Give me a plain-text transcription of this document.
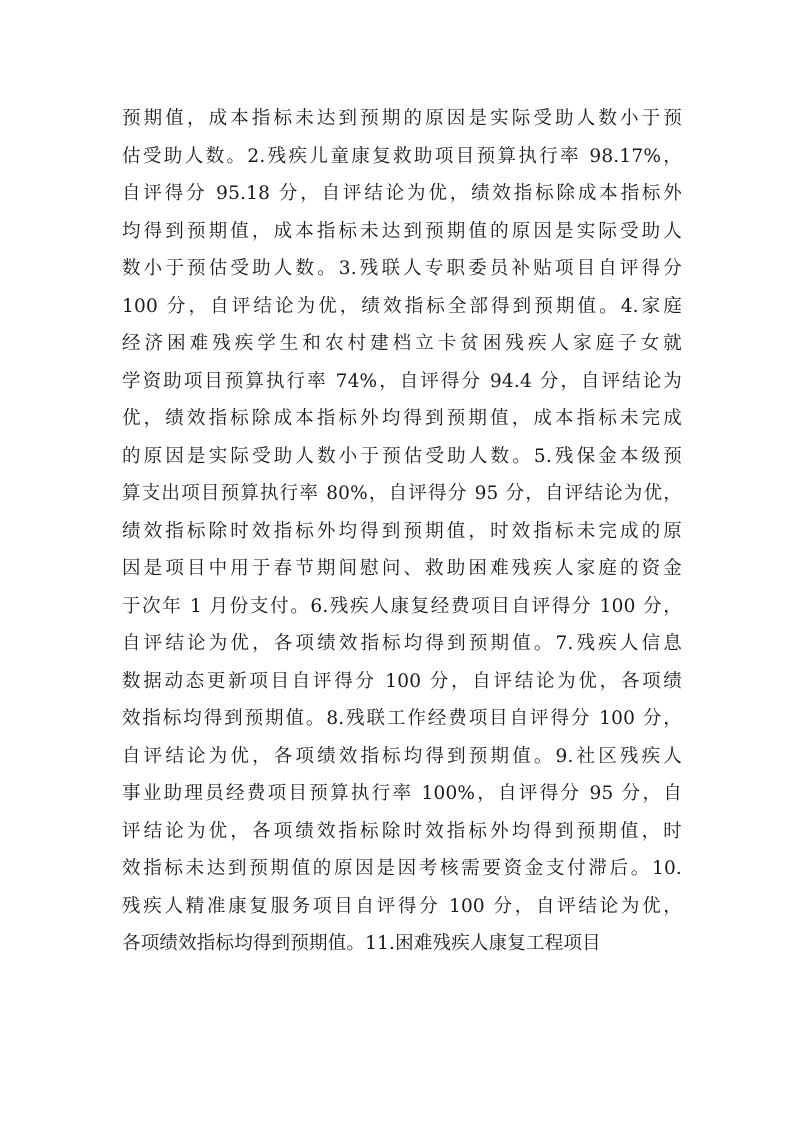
预期值，成本指标未达到预期的原因是实际受助人数小于预
估受助人数。2.残疾儿童康复救助项目预算执行率 98.17%，
自评得分 95.18 分，自评结论为优，绩效指标除成本指标外
均得到预期值，成本指标未达到预期值的原因是实际受助人
数小于预估受助人数。3.残联人专职委员补贴项目自评得分
100 分，自评结论为优，绩效指标全部得到预期值。4.家庭
经济困难残疾学生和农村建档立卡贫困残疾人家庭子女就
学资助项目预算执行率 74%，自评得分 94.4 分，自评结论为
优，绩效指标除成本指标外均得到预期值，成本指标未完成
的原因是实际受助人数小于预估受助人数。5.残保金本级预
算支出项目预算执行率 80%，自评得分 95 分，自评结论为优，
绩效指标除时效指标外均得到预期值，时效指标未完成的原
因是项目中用于春节期间慰问、救助困难残疾人家庭的资金
于次年 1 月份支付。6.残疾人康复经费项目自评得分 100 分，
自评结论为优，各项绩效指标均得到预期值。7.残疾人信息
数据动态更新项目自评得分 100 分，自评结论为优，各项绩
效指标均得到预期值。8.残联工作经费项目自评得分 100 分，
自评结论为优，各项绩效指标均得到预期值。9.社区残疾人
事业助理员经费项目预算执行率 100%，自评得分 95 分，自
评结论为优，各项绩效指标除时效指标外均得到预期值，时
效指标未达到预期值的原因是因考核需要资金支付滞后。10.
残疾人精准康复服务项目自评得分 100 分，自评结论为优，
各项绩效指标均得到预期值。11.困难残疾人康复工程项目
